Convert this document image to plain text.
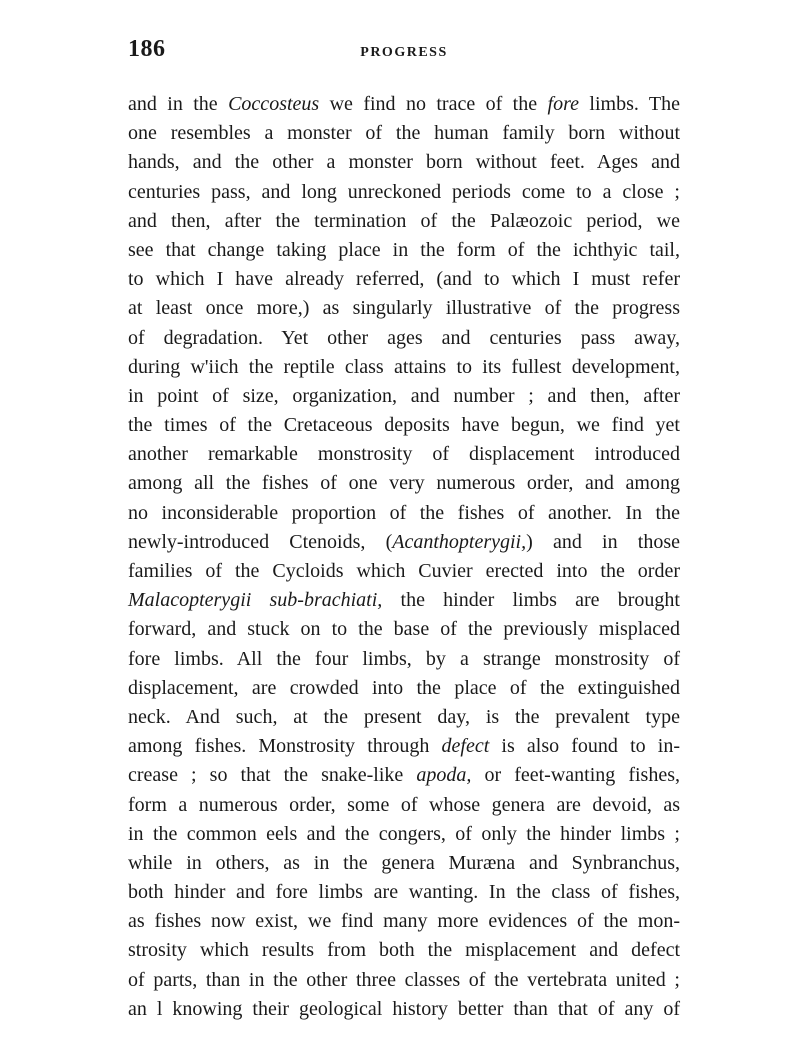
186	PROGRESS
and in the Coccosteus we find no trace of the fore limbs. The
one resembles a monster of the human family born without
hands, and the other a monster born without feet. Ages and
centuries pass, and long unreckoned periods come to a close ;
and then, after the termination of the Palæozoic period, we
see that change taking place in the form of the ichthyic tail,
to which I have already referred, (and to which I must refer
at least once more,) as singularly illustrative of the progress
of degradation. Yet other ages and centuries pass away,
during w'iich the reptile class attains to its fullest development,
in point of size, organization, and number ; and then, after
the times of the Cretaceous deposits have begun, we find yet
another remarkable monstrosity of displacement introduced
among all the fishes of one very numerous order, and among
no inconsiderable proportion of the fishes of another. In the
newly-introduced Ctenoids, (Acanthopterygii,) and in those
families of the Cycloids which Cuvier erected into the order
Malacopterygii sub-brachiati, the hinder limbs are brought
forward, and stuck on to the base of the previously misplaced
fore limbs. All the four limbs, by a strange monstrosity of
displacement, are crowded into the place of the extinguished
neck. And such, at the present day, is the prevalent type
among fishes. Monstrosity through defect is also found to in-
crease ; so that the snake-like apoda, or feet-wanting fishes,
form a numerous order, some of whose genera are devoid, as
in the common eels and the congers, of only the hinder limbs ;
while in others, as in the genera Muræna and Synbranchus,
both hinder and fore limbs are wanting. In the class of fishes,
as fishes now exist, we find many more evidences of the mon-
strosity which results from both the misplacement and defect
of parts, than in the other three classes of the vertebrata united ;
an l knowing their geological history better than that of any of
